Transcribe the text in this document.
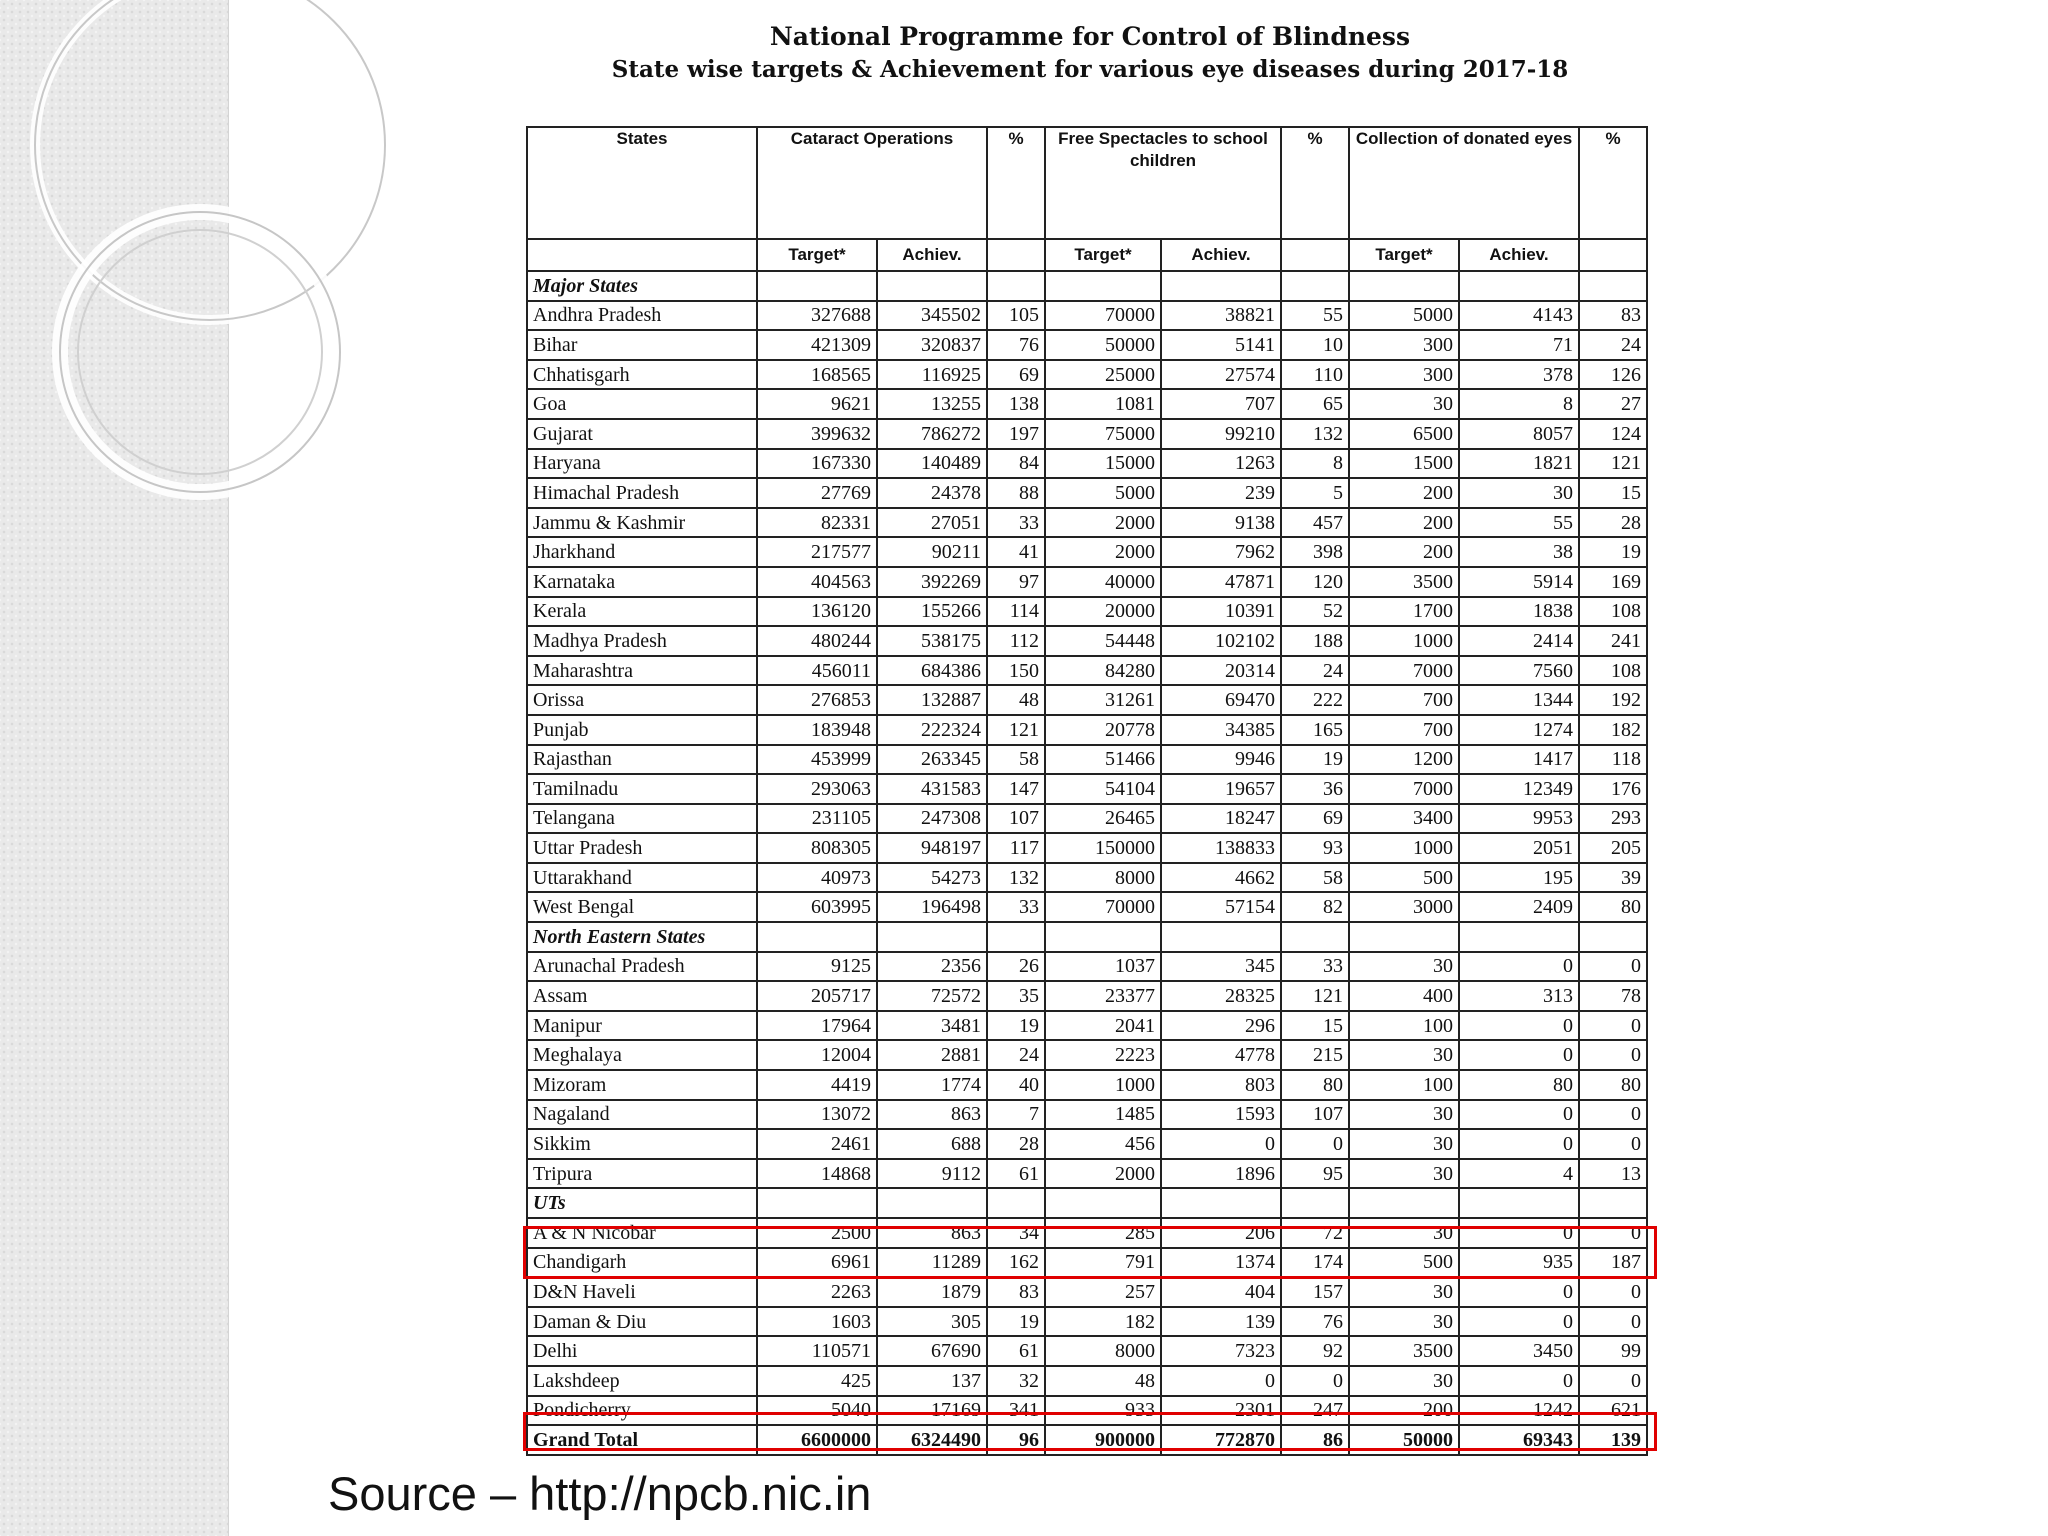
National Programme for Control of Blindness
State wise targets & Achievement for various eye diseases during 2017-18
States	Cataract Operations		%	Free Spectacles to school children		%	Collection of donated eyes		%
	Target*	Achiev.		Target*	Achiev.		Target*	Achiev.	
Major States									
Andhra Pradesh	327688	345502	105	70000	38821	55	5000	4143	83
Bihar	421309	320837	76	50000	5141	10	300	71	24
Chhatisgarh	168565	116925	69	25000	27574	110	300	378	126
Goa	9621	13255	138	1081	707	65	30	8	27
Gujarat	399632	786272	197	75000	99210	132	6500	8057	124
Haryana	167330	140489	84	15000	1263	8	1500	1821	121
Himachal Pradesh	27769	24378	88	5000	239	5	200	30	15
Jammu & Kashmir	82331	27051	33	2000	9138	457	200	55	28
Jharkhand	217577	90211	41	2000	7962	398	200	38	19
Karnataka	404563	392269	97	40000	47871	120	3500	5914	169
Kerala	136120	155266	114	20000	10391	52	1700	1838	108
Madhya Pradesh	480244	538175	112	54448	102102	188	1000	2414	241
Maharashtra	456011	684386	150	84280	20314	24	7000	7560	108
Orissa	276853	132887	48	31261	69470	222	700	1344	192
Punjab	183948	222324	121	20778	34385	165	700	1274	182
Rajasthan	453999	263345	58	51466	9946	19	1200	1417	118
Tamilnadu	293063	431583	147	54104	19657	36	7000	12349	176
Telangana	231105	247308	107	26465	18247	69	3400	9953	293
Uttar Pradesh	808305	948197	117	150000	138833	93	1000	2051	205
Uttarakhand	40973	54273	132	8000	4662	58	500	195	39
West Bengal	603995	196498	33	70000	57154	82	3000	2409	80
North Eastern States									
Arunachal Pradesh	9125	2356	26	1037	345	33	30	0	0
Assam	205717	72572	35	23377	28325	121	400	313	78
Manipur	17964	3481	19	2041	296	15	100	0	0
Meghalaya	12004	2881	24	2223	4778	215	30	0	0
Mizoram	4419	1774	40	1000	803	80	100	80	80
Nagaland	13072	863	7	1485	1593	107	30	0	0
Sikkim	2461	688	28	456	0	0	30	0	0
Tripura	14868	9112	61	2000	1896	95	30	4	13
UTs									
A & N Nicobar	2500	863	34	285	206	72	30	0	0
Chandigarh	6961	11289	162	791	1374	174	500	935	187
D&N Haveli	2263	1879	83	257	404	157	30	0	0
Daman & Diu	1603	305	19	182	139	76	30	0	0
Delhi	110571	67690	61	8000	7323	92	3500	3450	99
Lakshdeep	425	137	32	48	0	0	30	0	0
Pondicherry	5040	17169	341	933	2301	247	200	1242	621
Grand Total	6600000	6324490	96	900000	772870	86	50000	69343	139
Source – http://npcb.nic.in
